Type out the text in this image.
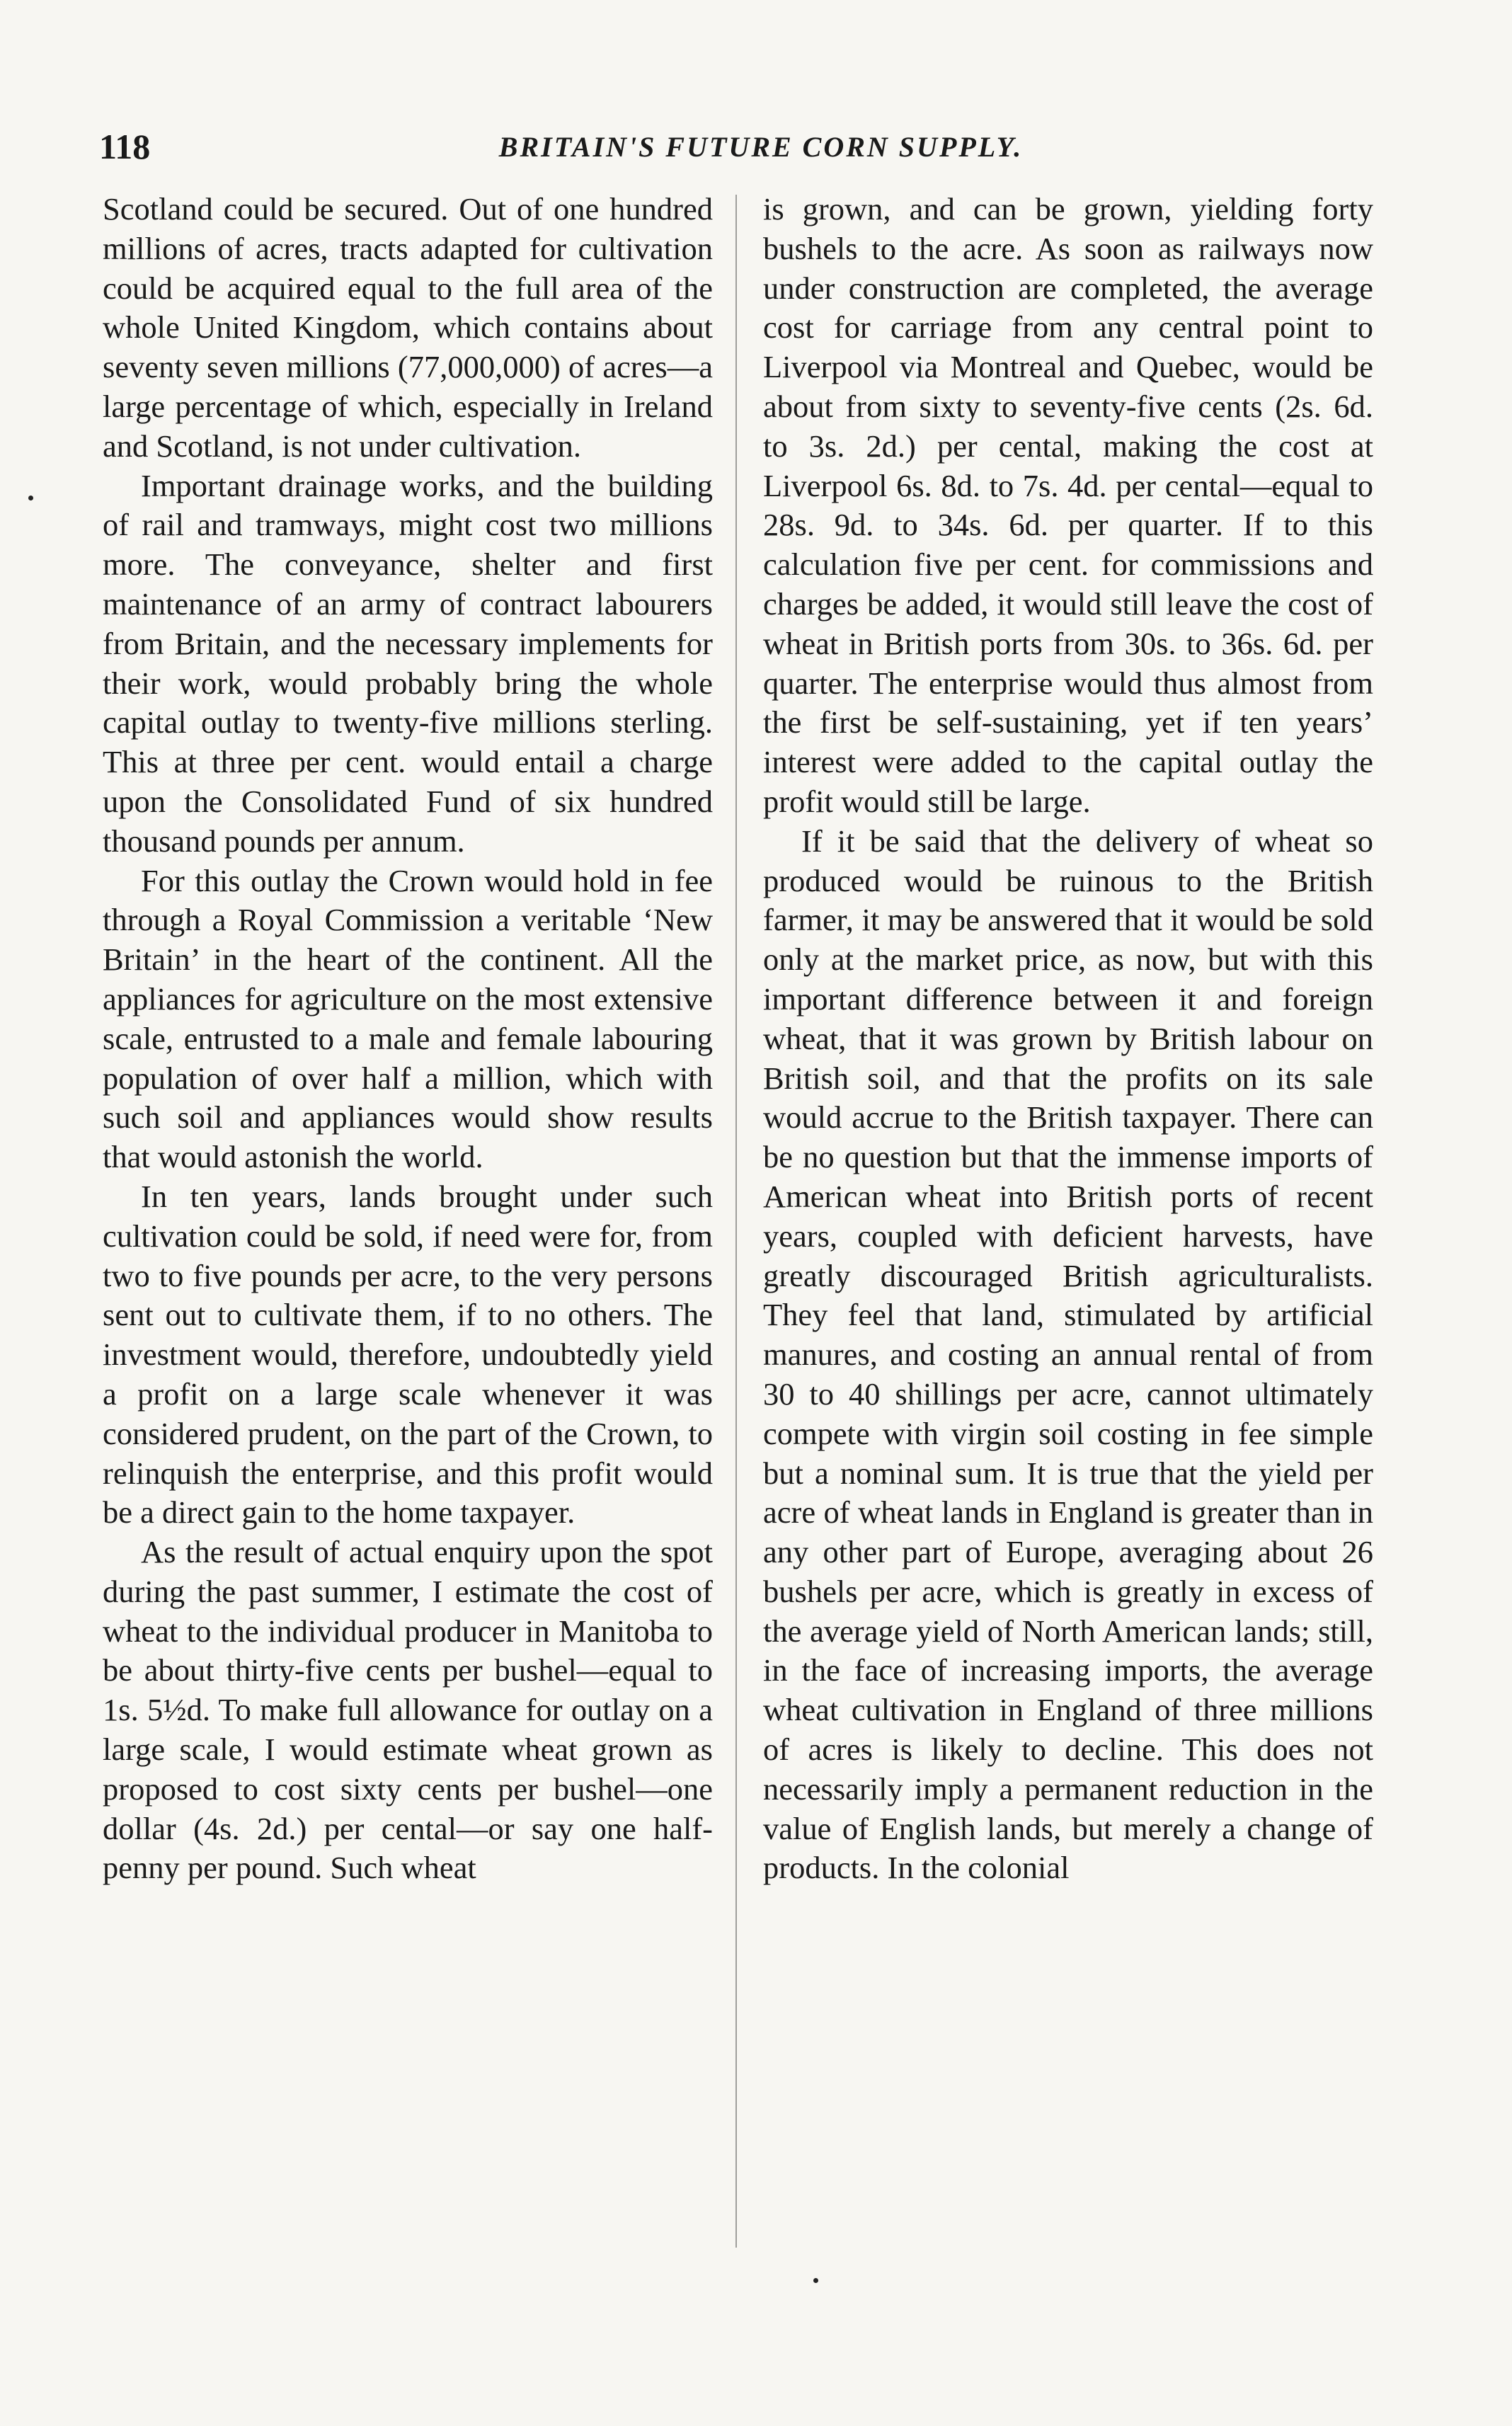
118	BRITAIN'S FUTURE CORN SUPPLY.

Scotland could be secured. Out of one hundred millions of acres, tracts adapted for cultivation could be acquired equal to the full area of the whole United Kingdom, which contains about seventy seven millions (77,000,000) of acres—a large percentage of which, especially in Ireland and Scotland, is not under cultivation.

Important drainage works, and the building of rail and tramways, might cost two millions more. The conveyance, shelter and first maintenance of an army of contract labourers from Britain, and the necessary implements for their work, would probably bring the whole capital outlay to twenty-five millions sterling. This at three per cent. would entail a charge upon the Consolidated Fund of six hundred thousand pounds per annum.

For this outlay the Crown would hold in fee through a Royal Commission a veritable ‘New Britain’ in the heart of the continent. All the appliances for agriculture on the most extensive scale, entrusted to a male and female labouring population of over half a million, which with such soil and appliances would show results that would astonish the world.

In ten years, lands brought under such cultivation could be sold, if need were for, from two to five pounds per acre, to the very persons sent out to cultivate them, if to no others. The investment would, therefore, undoubtedly yield a profit on a large scale whenever it was considered prudent, on the part of the Crown, to relinquish the enterprise, and this profit would be a direct gain to the home taxpayer.

As the result of actual enquiry upon the spot during the past summer, I estimate the cost of wheat to the individual producer in Manitoba to be about thirty-five cents per bushel—equal to 1s. 5½d. To make full allowance for outlay on a large scale, I would estimate wheat grown as proposed to cost sixty cents per bushel—one dollar (4s. 2d.) per cental—or say one half-penny per pound. Such wheat

is grown, and can be grown, yielding forty bushels to the acre. As soon as railways now under construction are completed, the average cost for carriage from any central point to Liverpool via Montreal and Quebec, would be about from sixty to seventy-five cents (2s. 6d. to 3s. 2d.) per cental, making the cost at Liverpool 6s. 8d. to 7s. 4d. per cental—equal to 28s. 9d. to 34s. 6d. per quarter. If to this calculation five per cent. for commissions and charges be added, it would still leave the cost of wheat in British ports from 30s. to 36s. 6d. per quarter. The enterprise would thus almost from the first be self-sustaining, yet if ten years’ interest were added to the capital outlay the profit would still be large.

If it be said that the delivery of wheat so produced would be ruinous to the British farmer, it may be answered that it would be sold only at the market price, as now, but with this important difference between it and foreign wheat, that it was grown by British labour on British soil, and that the profits on its sale would accrue to the British taxpayer. There can be no question but that the immense imports of American wheat into British ports of recent years, coupled with deficient harvests, have greatly discouraged British agriculturalists. They feel that land, stimulated by artificial manures, and costing an annual rental of from 30 to 40 shillings per acre, cannot ultimately compete with virgin soil costing in fee simple but a nominal sum. It is true that the yield per acre of wheat lands in England is greater than in any other part of Europe, averaging about 26 bushels per acre, which is greatly in excess of the average yield of North American lands; still, in the face of increasing imports, the average wheat cultivation in England of three millions of acres is likely to decline. This does not necessarily imply a permanent reduction in the value of English lands, but merely a change of products. In the colonial
